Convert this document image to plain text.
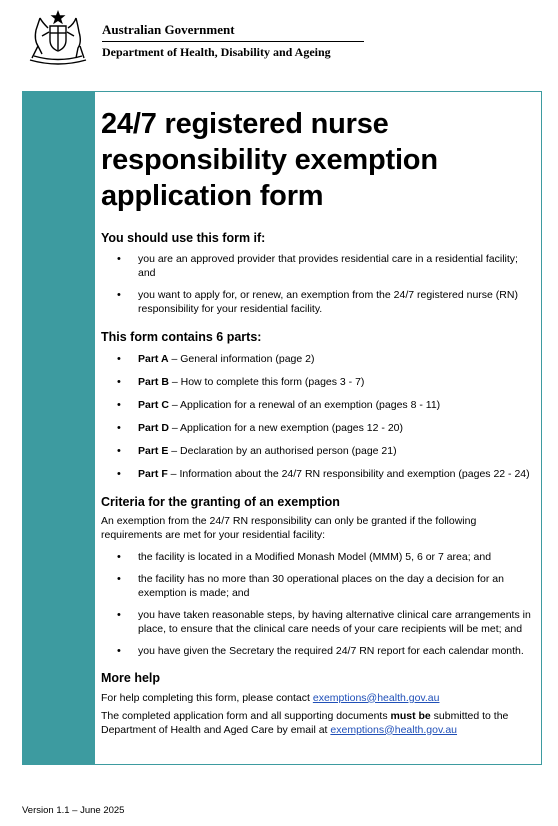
Australian Government
Department of Health, Disability and Ageing
24/7 registered nurse
responsibility exemption
application form
You should use this form if:
• you are an approved provider that provides residential care in a residential facility; and
• you want to apply for, or renew, an exemption from the 24/7 registered nurse (RN)
responsibility for your residential facility.
This form contains 6 parts:
• Part A – General information (page 2)
• Part B – How to complete this form (pages 3 - 7)
• Part C – Application for a renewal of an exemption (pages 8 - 11)
• Part D – Application for a new exemption (pages 12 - 20)
• Part E – Declaration by an authorised person (page 21)
• Part F – Information about the 24/7 RN responsibility and exemption (pages 22 - 24)
Criteria for the granting of an exemption

An exemption from the 24/7 RN responsibility can only be granted if the following
requirements are met for your residential facility:

• the facility is located in a Modified Monash Model (MMM) 5, 6 or 7 area; and
• the facility has no more than 30 operational places on the day a decision for an
exemption is made; and
• you have taken reasonable steps, by having alternative clinical care arrangements in
place, to ensure that the clinical care needs of your care recipients will be met; and
• you have given the Secretary the required 24/7 RN report for each calendar month.
More help

For help completing this form, please contact exemptions@health.gov.au

The completed application form and all supporting documents must be submitted to the
Department of Health and Aged Care by email at exemptions@health.gov.au

Version 1.1 – June 2025
